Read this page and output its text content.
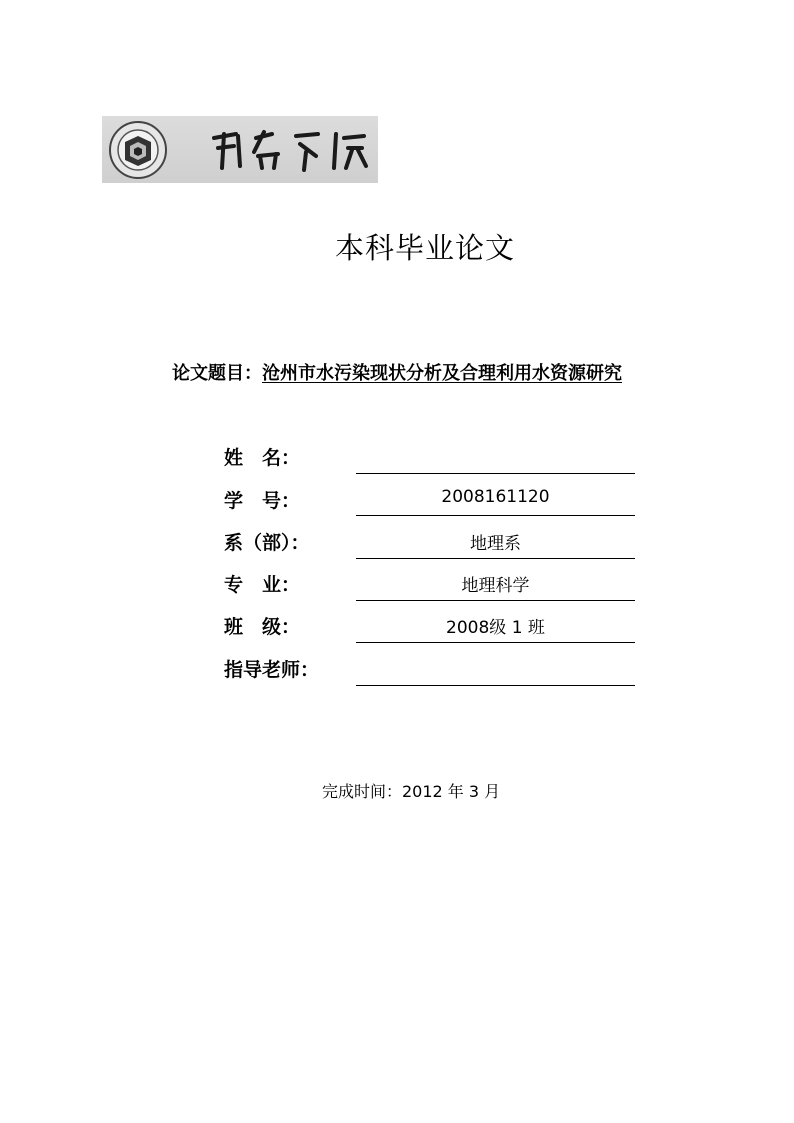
本科毕业论文
论文题目：沧州市水污染现状分析及合理利用水资源研究
姓　名：
学　号：	2008161120
系（部）：	地理系
专　业：	地理科学
班　级：	2008级 1 班
指导老师：
完成时间：2012 年 3 月
